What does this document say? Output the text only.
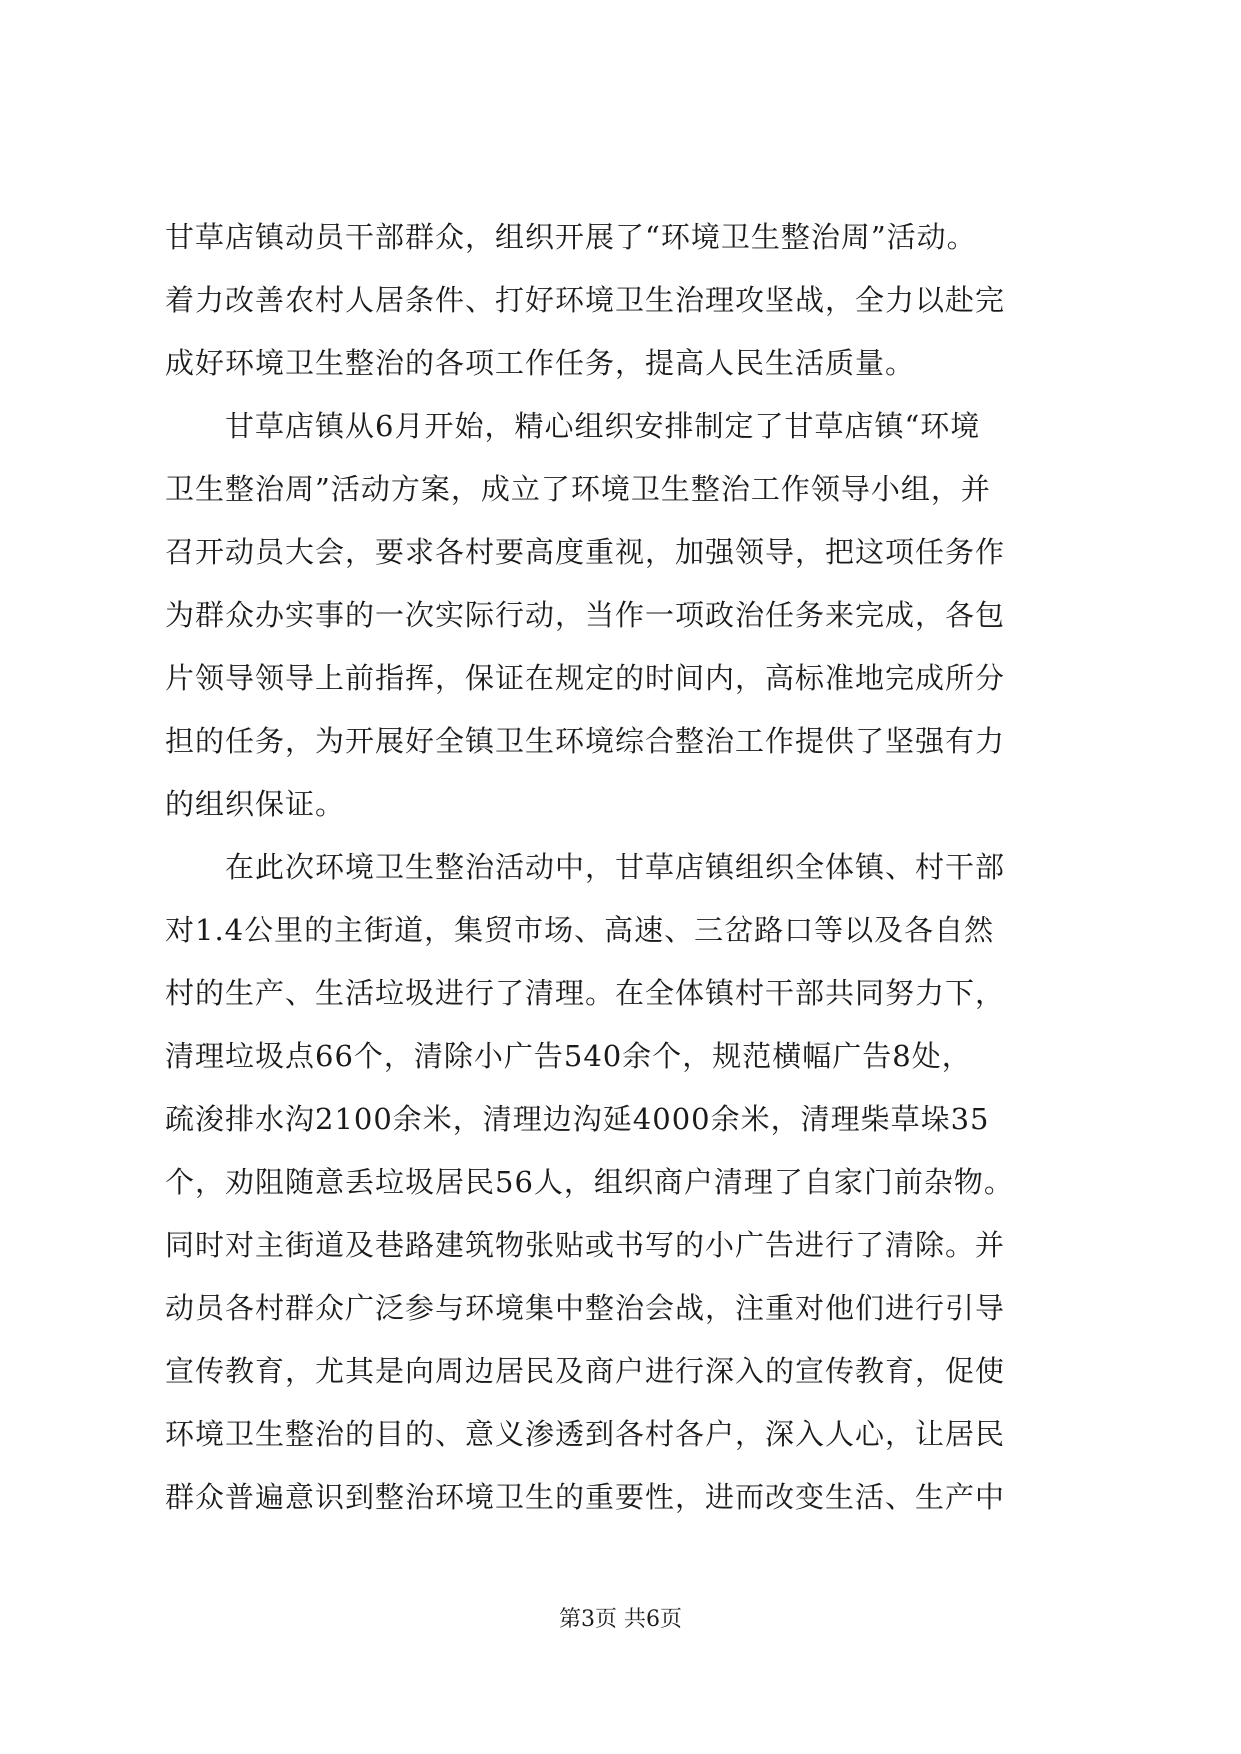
甘草店镇动员干部群众，组织开展了“环境卫生整治周”活动。
着力改善农村人居条件、打好环境卫生治理攻坚战，全力以赴完
成好环境卫生整治的各项工作任务，提高人民生活质量。
　　甘草店镇从6月开始，精心组织安排制定了甘草店镇“环境
卫生整治周”活动方案，成立了环境卫生整治工作领导小组，并
召开动员大会，要求各村要高度重视，加强领导，把这项任务作
为群众办实事的一次实际行动，当作一项政治任务来完成，各包
片领导领导上前指挥，保证在规定的时间内，高标准地完成所分
担的任务，为开展好全镇卫生环境综合整治工作提供了坚强有力
的组织保证。
　　在此次环境卫生整治活动中，甘草店镇组织全体镇、村干部
对1.4公里的主街道，集贸市场、高速、三岔路口等以及各自然
村的生产、生活垃圾进行了清理。在全体镇村干部共同努力下，
清理垃圾点66个，清除小广告540余个，规范横幅广告8处，
疏浚排水沟2100余米，清理边沟延4000余米，清理柴草垛35
个，劝阻随意丢垃圾居民56人，组织商户清理了自家门前杂物。
同时对主街道及巷路建筑物张贴或书写的小广告进行了清除。并
动员各村群众广泛参与环境集中整治会战，注重对他们进行引导
宣传教育，尤其是向周边居民及商户进行深入的宣传教育，促使
环境卫生整治的目的、意义渗透到各村各户，深入人心，让居民
群众普遍意识到整治环境卫生的重要性，进而改变生活、生产中
第3页 共6页
